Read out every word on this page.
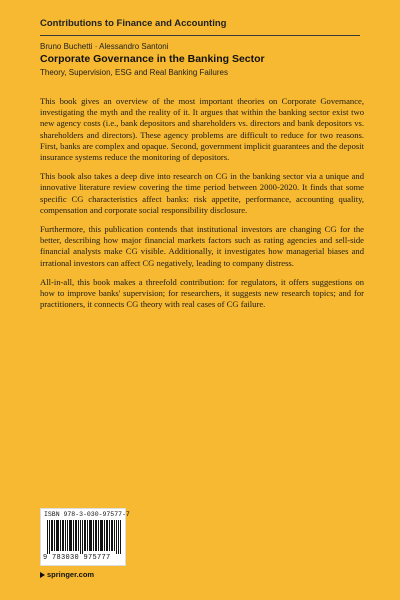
Contributions to Finance and Accounting
Bruno Buchetti · Alessandro Santoni
Corporate Governance in the Banking Sector
Theory, Supervision, ESG and Real Banking Failures

This book gives an overview of the most important theories on Corporate Governance, investigating the myth and the reality of it. It argues that within the banking sector exist two new agency costs (i.e., bank depositors and shareholders vs. directors and bank depositors vs. shareholders and directors). These agency problems are difficult to reduce for two reasons. First, banks are complex and opaque. Second, government implicit guarantees and the deposit insurance systems reduce the monitoring of depositors.

This book also takes a deep dive into research on CG in the banking sector via a unique and innovative literature review covering the time period between 2000-2020. It finds that some specific CG characteristics affect banks: risk appetite, performance, accounting quality, compensation and corporate social responsibility disclosure.

Furthermore, this publication contends that institutional investors are changing CG for the better, describing how major financial markets factors such as rating agencies and sell-side financial analysts make CG visible. Additionally, it investigates how managerial biases and irrational investors can affect CG negatively, leading to company distress.

All-in-all, this book makes a threefold contribution: for regulators, it offers suggestions on how to improve banks' supervision; for researchers, it suggests new research topics; and for practitioners, it connects CG theory with real cases of CG failure.

ISBN 978-3-030-97577-7
9 783030 975777
springer.com
